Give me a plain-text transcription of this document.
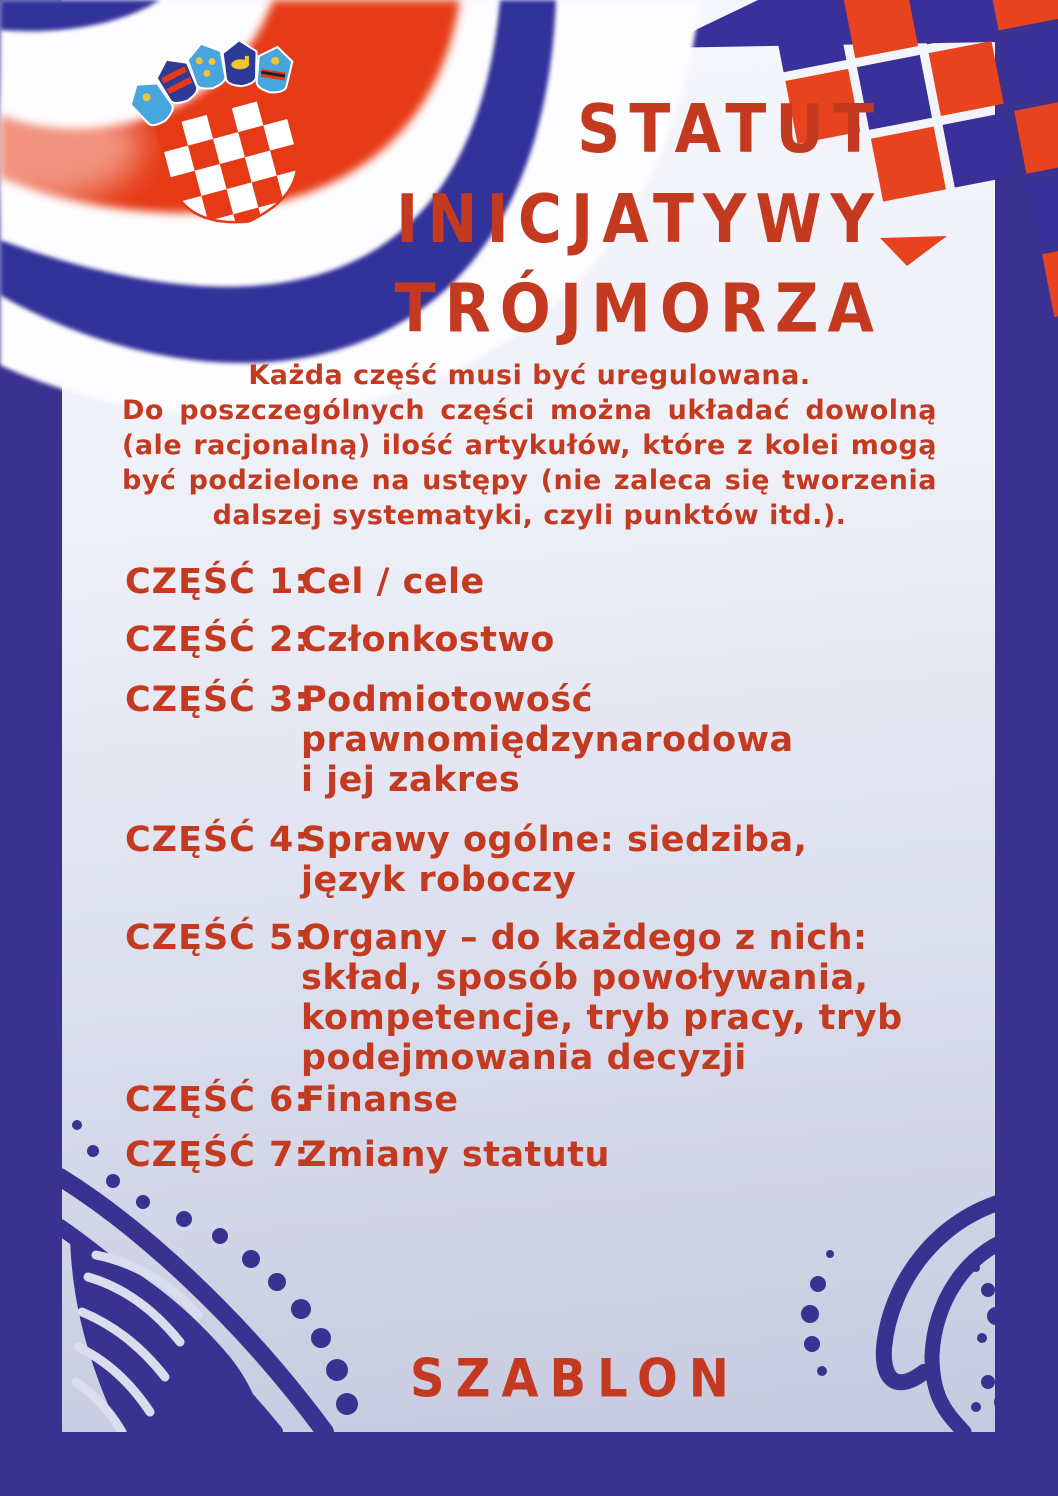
STATUT
INICJATYWY
TRÓJMORZA
Każda część musi być uregulowana.
Do poszczególnych części można układać dowolną
(ale racjonalną) ilość artykułów, które z kolei mogą
być podzielone na ustępy (nie zaleca się tworzenia
dalszej systematyki, czyli punktów itd.).
CZĘŚĆ 1:
Cel / cele
CZĘŚĆ 2:
Członkostwo
CZĘŚĆ 3:
Podmiotowość
prawnomiędzynarodowa
i jej zakres
CZĘŚĆ 4:
Sprawy ogólne: siedziba,
język roboczy
CZĘŚĆ 5:
Organy – do każdego z nich:
skład, sposób powoływania,
kompetencje, tryb pracy, tryb
podejmowania decyzji
CZĘŚĆ 6:
Finanse
CZĘŚĆ 7:
Zmiany statutu
SZABLON
